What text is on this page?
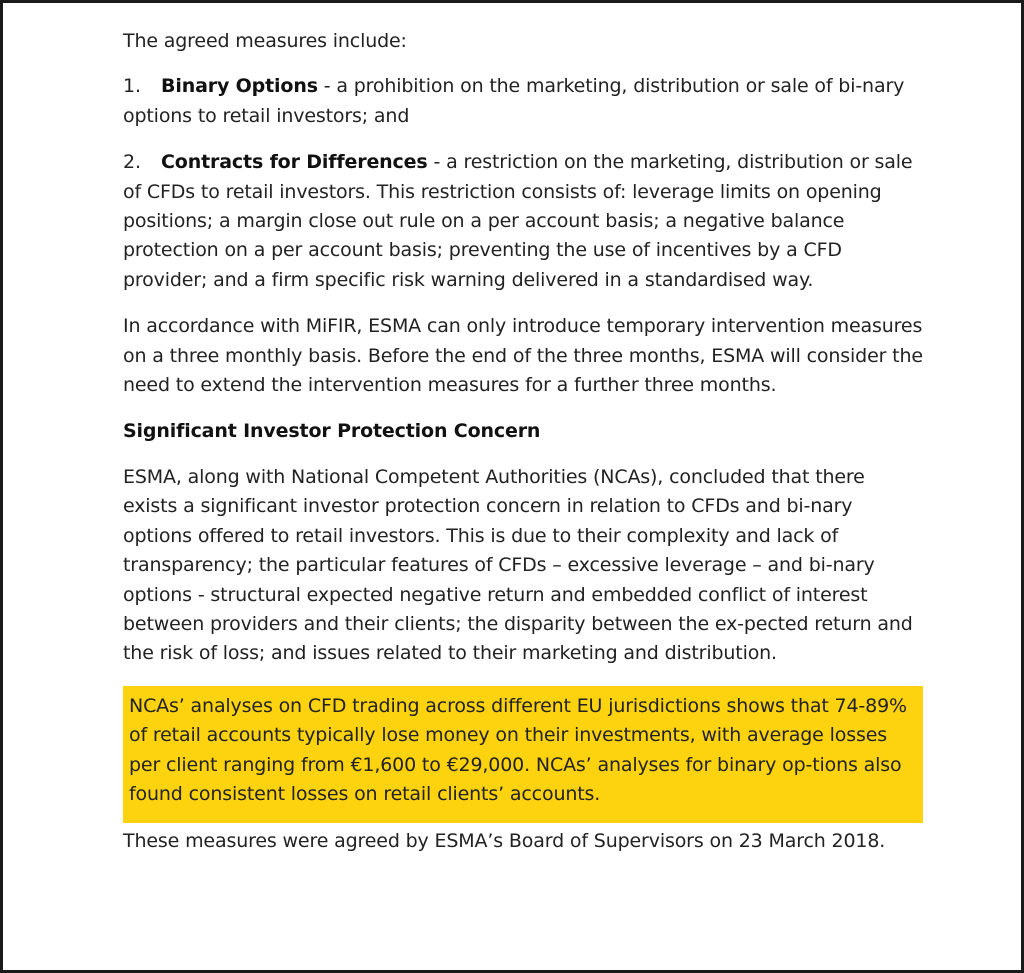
The agreed measures include:

1. Binary Options - a prohibition on the marketing, distribution or sale of bi-nary options to retail investors; and

2. Contracts for Differences - a restriction on the marketing, distribution or sale of CFDs to retail investors. This restriction consists of: leverage limits on opening positions; a margin close out rule on a per account basis; a negative balance protection on a per account basis; preventing the use of incentives by a CFD provider; and a firm specific risk warning delivered in a standardised way.

In accordance with MiFIR, ESMA can only introduce temporary intervention measures on a three monthly basis. Before the end of the three months, ESMA will consider the need to extend the intervention measures for a further three months.

Significant Investor Protection Concern

ESMA, along with National Competent Authorities (NCAs), concluded that there exists a significant investor protection concern in relation to CFDs and bi-nary options offered to retail investors. This is due to their complexity and lack of transparency; the particular features of CFDs – excessive leverage – and bi-nary options - structural expected negative return and embedded conflict of interest between providers and their clients; the disparity between the ex-pected return and the risk of loss; and issues related to their marketing and distribution.

NCAs’ analyses on CFD trading across different EU jurisdictions shows that 74-89% of retail accounts typically lose money on their investments, with average losses per client ranging from €1,600 to €29,000. NCAs’ analyses for binary op-tions also found consistent losses on retail clients’ accounts.

These measures were agreed by ESMA’s Board of Supervisors on 23 March 2018.
